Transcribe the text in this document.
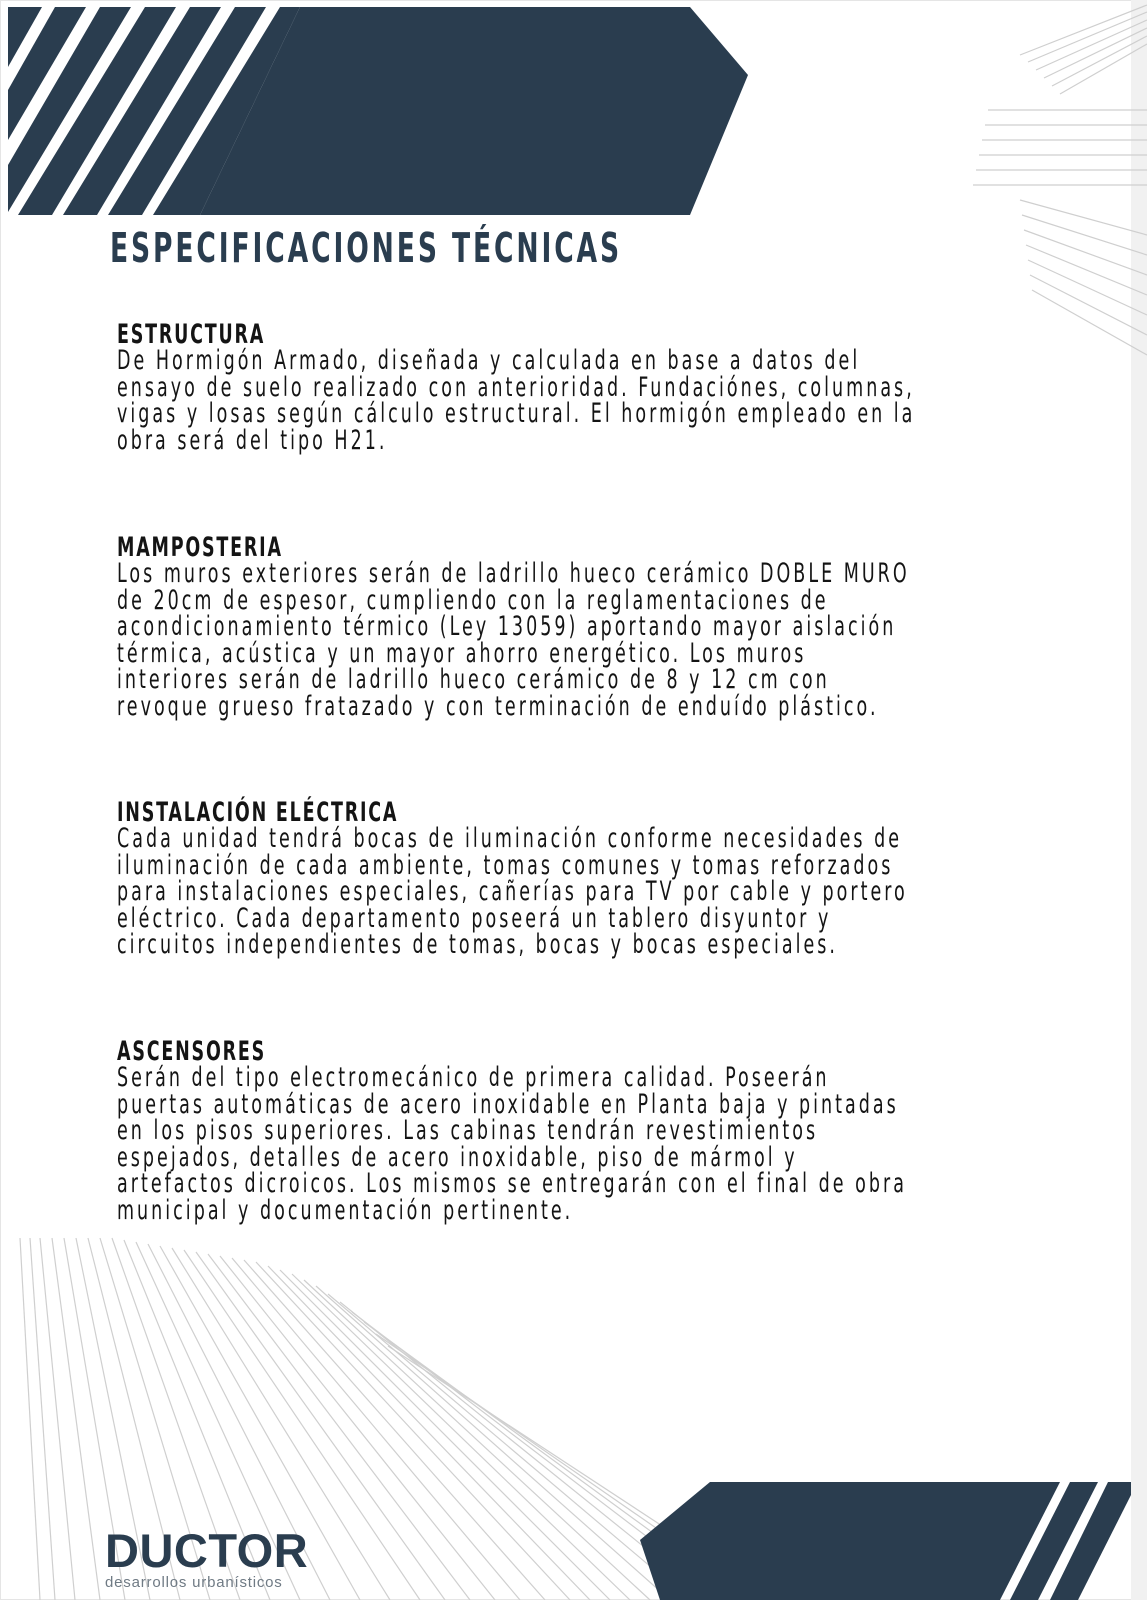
ESPECIFICACIONES TÉCNICAS
ESTRUCTURA

De Hormigón Armado, diseñada y calculada en base a datos del
ensayo de suelo realizado con anterioridad. Fundaciónes, columnas,
vigas y losas según cálculo estructural. El hormigón empleado en la
obra será del tipo H21.

MAMPOSTERIA

Los muros exteriores serán de ladrillo hueco cerámico DOBLE MURO
de 20cm de espesor, cumpliendo con la reglamentaciones de
acondicionamiento térmico (Ley 13059) aportando mayor aislación
térmica, acústica y un mayor ahorro energético. Los muros
interiores serán de ladrillo hueco cerámico de 8 y 12 cm con
revoque grueso fratazado y con terminación de enduído plástico.

INSTALACIÓN ELÉCTRICA

Cada unidad tendrá bocas de iluminación conforme necesidades de
iluminación de cada ambiente, tomas comunes y tomas reforzados
para instalaciones especiales, cañerías para TV por cable y portero
eléctrico. Cada departamento poseerá un tablero disyuntor y
circuitos independientes de tomas, bocas y bocas especiales.

ASCENSORES

Serán del tipo electromecánico de primera calidad. Poseerán
puertas automáticas de acero inoxidable en Planta baja y pintadas
en los pisos superiores. Las cabinas tendrán revestimientos
espejados, detalles de acero inoxidable, piso de mármol y
artefactos dicroicos. Los mismos se entregarán con el final de obra
municipal y documentación pertinente.

DUCTOR
desarrollos urbanísticos
